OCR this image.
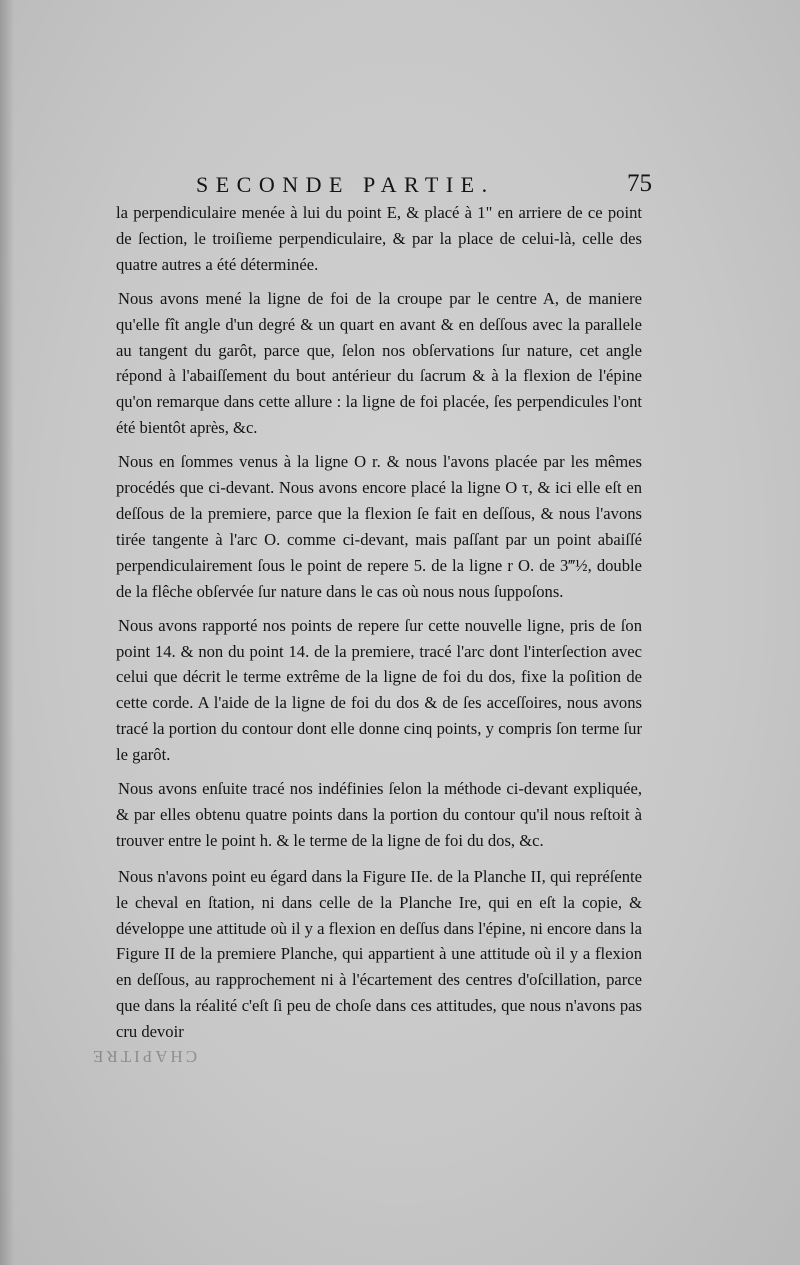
SECONDE PARTIE.	75

la perpendiculaire menée à lui du point E, & placé à 1" en arriere de ce point de ſection, le troiſieme perpendiculaire, & par la place de celui-là, celle des quatre autres a été déterminée.

Nous avons mené la ligne de foi de la croupe par le centre A, de maniere qu'elle fît angle d'un degré & un quart en avant & en deſſous avec la parallele au tangent du garôt, parce que, ſelon nos obſervations ſur nature, cet angle répond à l'abaiſſement du bout antérieur du ſacrum & à la flexion de l'épine qu'on remarque dans cette allure : la ligne de foi placée, ſes perpendicules l'ont été bientôt après, &c.

Nous en ſommes venus à la ligne O r. & nous l'avons placée par les mêmes procédés que ci-devant. Nous avons encore placé la ligne O τ, & ici elle eſt en deſſous de la premiere, parce que la flexion ſe fait en deſſous, & nous l'avons tirée tangente à l'arc O. comme ci-devant, mais paſſant par un point abaiſſé perpendiculairement ſous le point de repere 5. de la ligne r O. de 3‴½, double de la flêche obſervée ſur nature dans le cas où nous nous ſuppoſons.

Nous avons rapporté nos points de repere ſur cette nouvelle ligne, pris de ſon point 14. & non du point 14. de la premiere, tracé l'arc dont l'interſection avec celui que décrit le terme extrême de la ligne de foi du dos, fixe la poſition de cette corde. A l'aide de la ligne de foi du dos & de ſes acceſſoires, nous avons tracé la portion du contour dont elle donne cinq points, y compris ſon terme ſur le garôt.

Nous avons enſuite tracé nos indéfinies ſelon la méthode ci-devant expliquée, & par elles obtenu quatre points dans la portion du contour qu'il nous reſtoit à trouver entre le point h. & le terme de la ligne de foi du dos, &c.

Nous n'avons point eu égard dans la Figure IIe. de la Planche II, qui repréſente le cheval en ſtation, ni dans celle de la Planche Ire, qui en eſt la copie, & développe une attitude où il y a flexion en deſſus dans l'épine, ni encore dans la Figure II de la premiere Planche, qui appartient à une attitude où il y a flexion en deſſous, au rapprochement ni à l'écartement des centres d'oſcillation, parce que dans la réalité c'eſt ſi peu de choſe dans ces attitudes, que nous n'avons pas cru devoir

CHAPITRE
